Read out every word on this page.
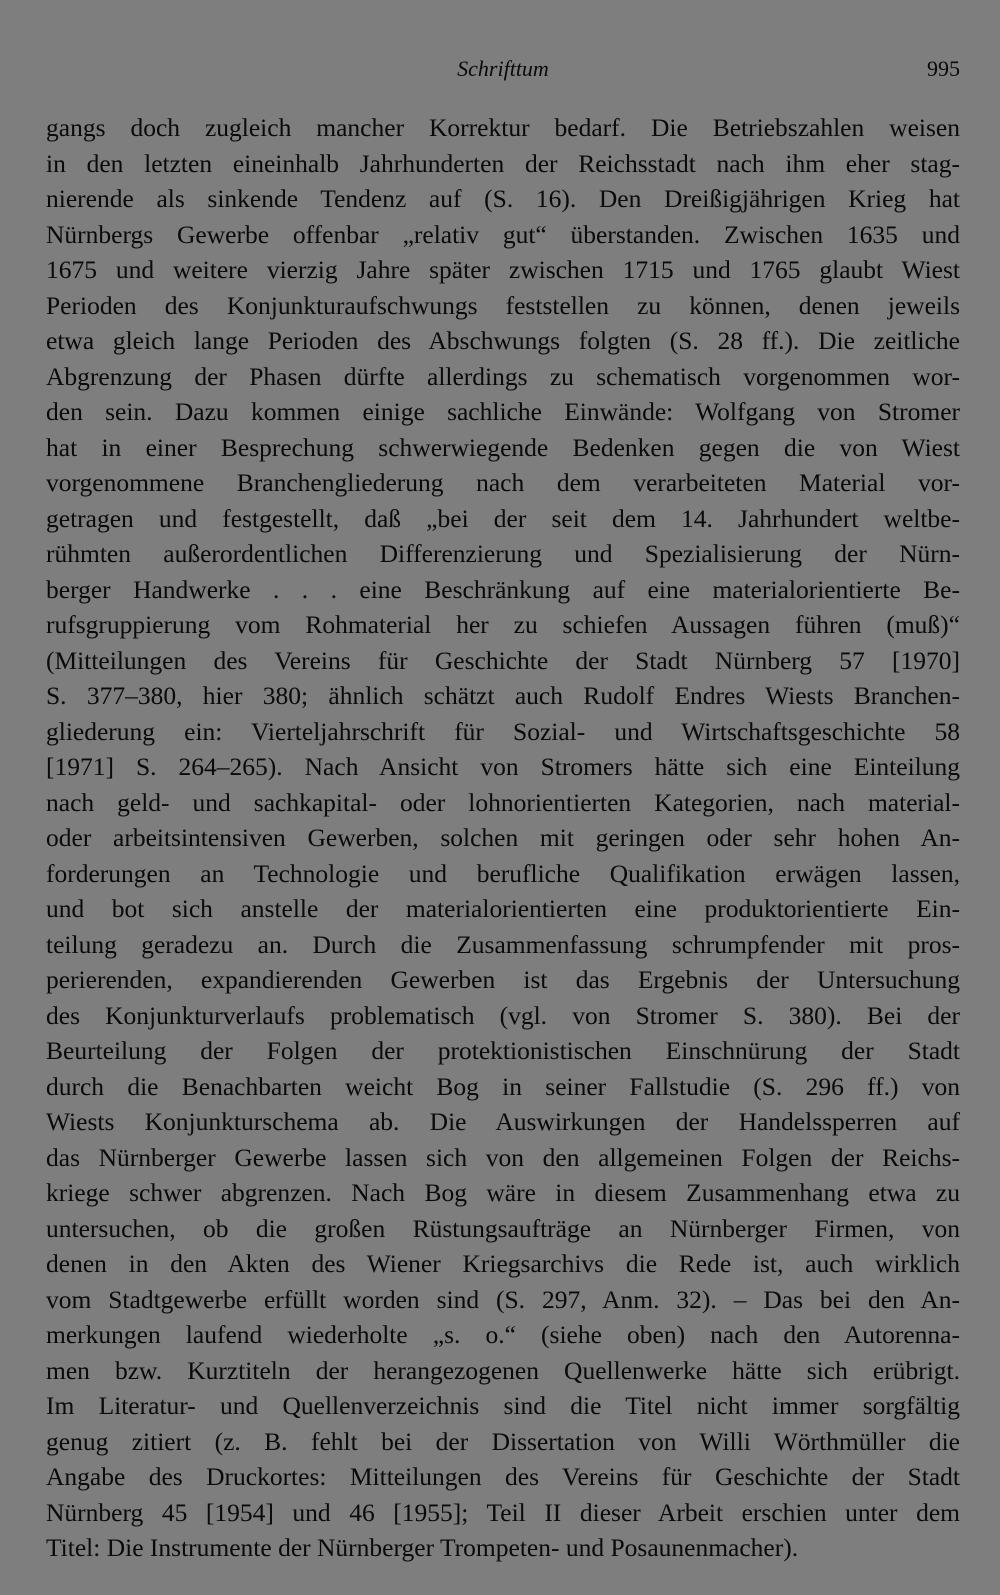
Schrifttum	995
gangs doch zugleich mancher Korrektur bedarf. Die Betriebszahlen weisen
in den letzten eineinhalb Jahrhunderten der Reichsstadt nach ihm eher stag-
nierende als sinkende Tendenz auf (S. 16). Den Dreißigjährigen Krieg hat
Nürnbergs Gewerbe offenbar „relativ gut“ überstanden. Zwischen 1635 und
1675 und weitere vierzig Jahre später zwischen 1715 und 1765 glaubt Wiest
Perioden des Konjunkturaufschwungs feststellen zu können, denen jeweils
etwa gleich lange Perioden des Abschwungs folgten (S. 28 ff.). Die zeitliche
Abgrenzung der Phasen dürfte allerdings zu schematisch vorgenommen wor-
den sein. Dazu kommen einige sachliche Einwände: Wolfgang von Stromer
hat in einer Besprechung schwerwiegende Bedenken gegen die von Wiest
vorgenommene Branchengliederung nach dem verarbeiteten Material vor-
getragen und festgestellt, daß „bei der seit dem 14. Jahrhundert weltbe-
rühmten außerordentlichen Differenzierung und Spezialisierung der Nürn-
berger Handwerke . . . eine Beschränkung auf eine materialorientierte Be-
rufsgruppierung vom Rohmaterial her zu schiefen Aussagen führen (muß)“
(Mitteilungen des Vereins für Geschichte der Stadt Nürnberg 57 [1970]
S. 377–380, hier 380; ähnlich schätzt auch Rudolf Endres Wiests Branchen-
gliederung ein: Vierteljahrschrift für Sozial- und Wirtschaftsgeschichte 58
[1971] S. 264–265). Nach Ansicht von Stromers hätte sich eine Einteilung
nach geld- und sachkapital- oder lohnorientierten Kategorien, nach material-
oder arbeitsintensiven Gewerben, solchen mit geringen oder sehr hohen An-
forderungen an Technologie und berufliche Qualifikation erwägen lassen,
und bot sich anstelle der materialorientierten eine produktorientierte Ein-
teilung geradezu an. Durch die Zusammenfassung schrumpfender mit pros-
perierenden, expandierenden Gewerben ist das Ergebnis der Untersuchung
des Konjunkturverlaufs problematisch (vgl. von Stromer S. 380). Bei der
Beurteilung der Folgen der protektionistischen Einschnürung der Stadt
durch die Benachbarten weicht Bog in seiner Fallstudie (S. 296 ff.) von
Wiests Konjunkturschema ab. Die Auswirkungen der Handelssperren auf
das Nürnberger Gewerbe lassen sich von den allgemeinen Folgen der Reichs-
kriege schwer abgrenzen. Nach Bog wäre in diesem Zusammenhang etwa zu
untersuchen, ob die großen Rüstungsaufträge an Nürnberger Firmen, von
denen in den Akten des Wiener Kriegsarchivs die Rede ist, auch wirklich
vom Stadtgewerbe erfüllt worden sind (S. 297, Anm. 32). – Das bei den An-
merkungen laufend wiederholte „s. o.“ (siehe oben) nach den Autorenna-
men bzw. Kurztiteln der herangezogenen Quellenwerke hätte sich erübrigt.
Im Literatur- und Quellenverzeichnis sind die Titel nicht immer sorgfältig
genug zitiert (z. B. fehlt bei der Dissertation von Willi Wörthmüller die
Angabe des Druckortes: Mitteilungen des Vereins für Geschichte der Stadt
Nürnberg 45 [1954] und 46 [1955]; Teil II dieser Arbeit erschien unter dem
Titel: Die Instrumente der Nürnberger Trompeten- und Posaunenmacher).
